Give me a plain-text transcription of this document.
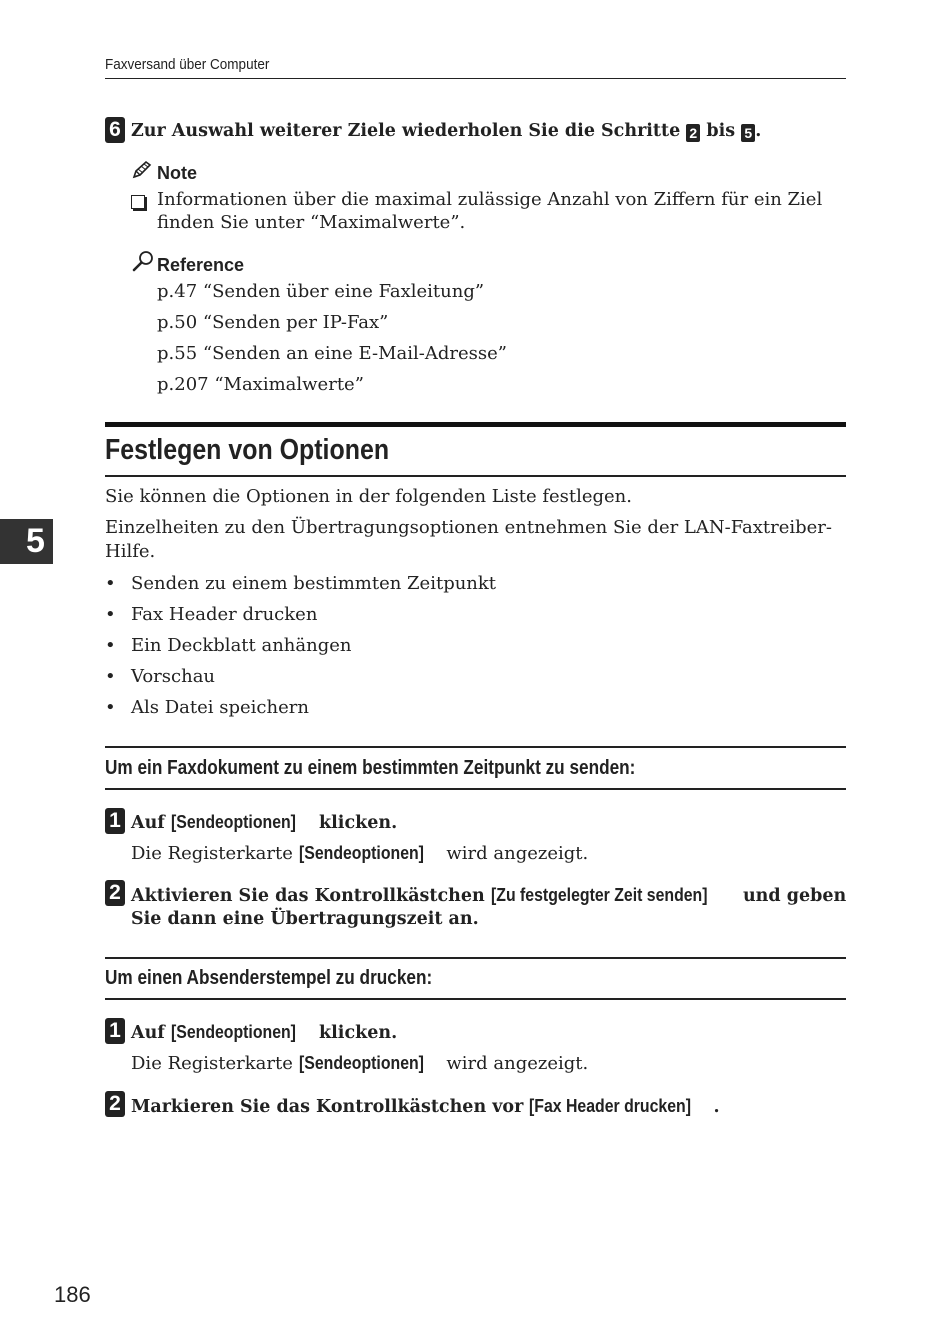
Faxversand über Computer
6 Zur Auswahl weiterer Ziele wiederholen Sie die Schritte 2 bis 5 .
Note
Informationen über die maximal zulässige Anzahl von Ziffern für ein Ziel
finden Sie unter “Maximalwerte”.
Reference
p.47 “Senden über eine Faxleitung”
p.50 “Senden per IP-Fax”
p.55 “Senden an eine E-Mail-Adresse”
p.207 “Maximalwerte”
Festlegen von Optionen
Sie können die Optionen in der folgenden Liste festlegen.
Einzelheiten zu den Übertragungsoptionen entnehmen Sie der LAN-Faxtreiber-
Hilfe.
• Senden zu einem bestimmten Zeitpunkt
• Fax Header drucken
• Ein Deckblatt anhängen
• Vorschau
• Als Datei speichern
Um ein Faxdokument zu einem bestimmten Zeitpunkt zu senden:
1 Auf [Sendeoptionen] klicken.
Die Registerkarte [Sendeoptionen] wird angezeigt.
2 Aktivieren Sie das Kontrollkästchen [Zu festgelegter Zeit senden] und geben
Sie dann eine Übertragungszeit an.
Um einen Absenderstempel zu drucken:
1 Auf [Sendeoptionen] klicken.
Die Registerkarte [Sendeoptionen] wird angezeigt.
2 Markieren Sie das Kontrollkästchen vor [Fax Header drucken] .
5
186
